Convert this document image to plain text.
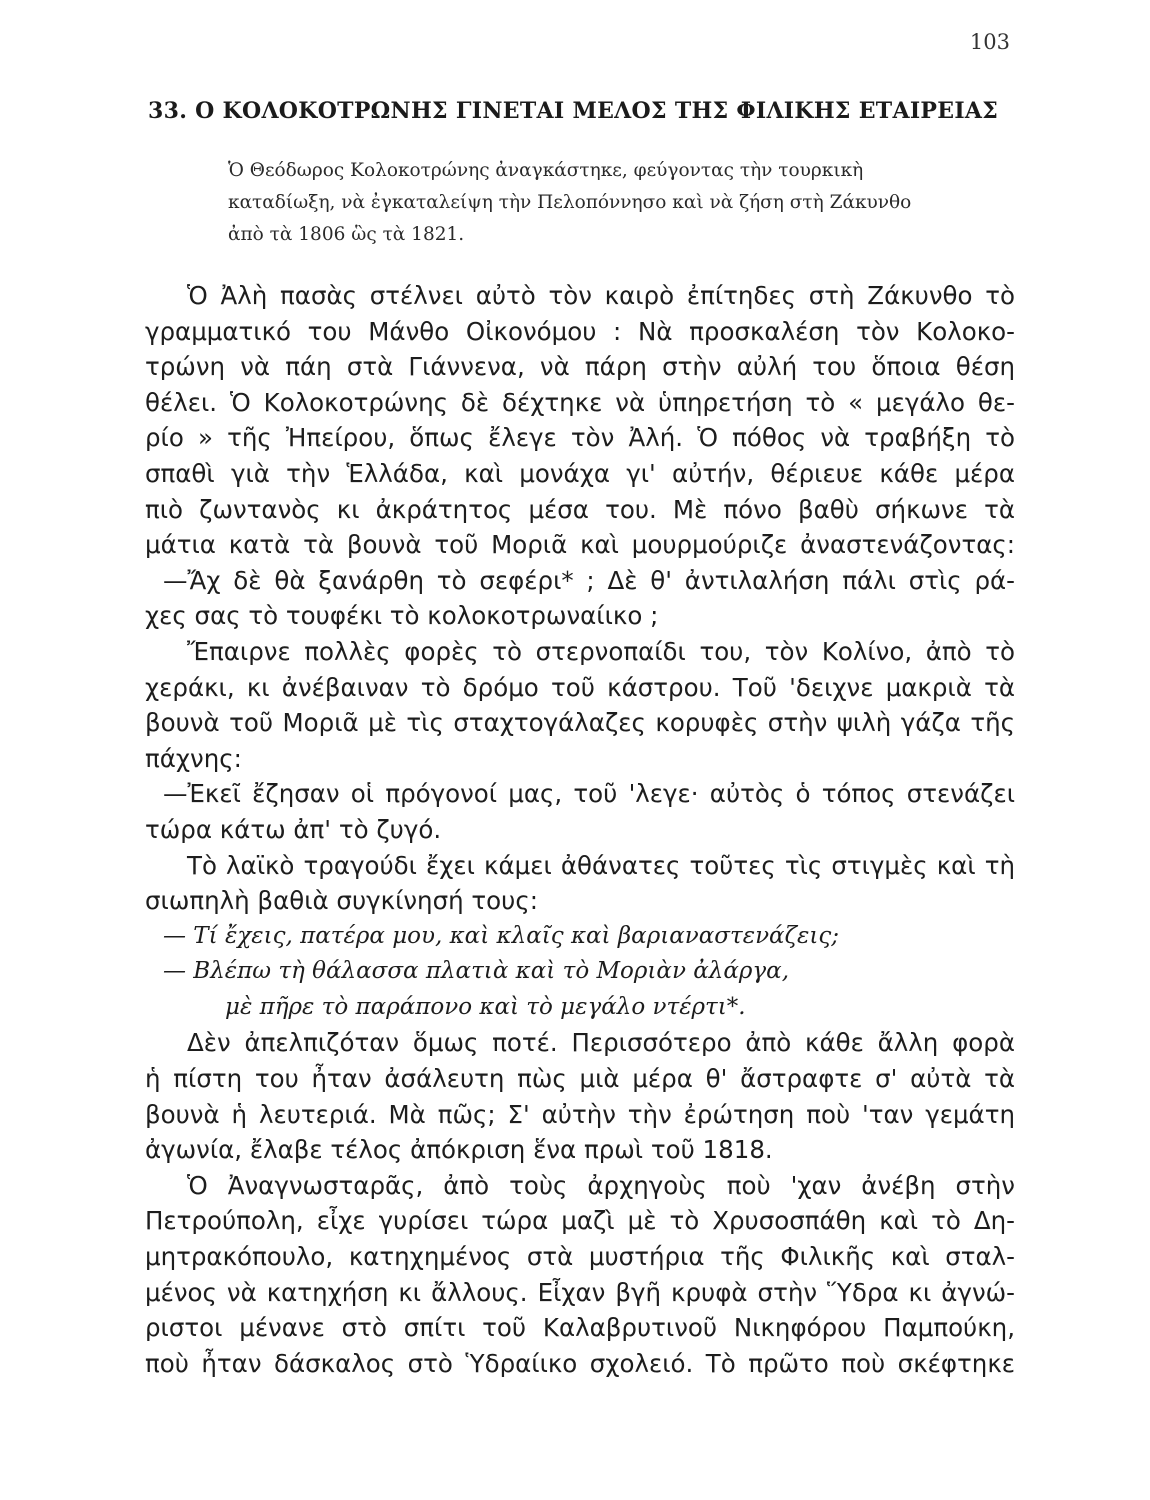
103
33. Ο ΚΟΛΟΚΟΤΡΩΝΗΣ ΓΙΝΕΤΑΙ ΜΕΛΟΣ ΤΗΣ ΦΙΛΙΚΗΣ ΕΤΑΙΡΕΙΑΣ
Ὁ Θεόδωρος Κολοκοτρώνης ἀναγκάστηκε, φεύγοντας τὴν τουρκικὴ
καταδίωξη, νὰ ἐγκαταλείψη τὴν Πελοπόννησο καὶ νὰ ζήση στὴ Ζάκυνθο
ἀπὸ τὰ 1806 ὣς τὰ 1821.
Ὁ Ἀλὴ πασὰς στέλνει αὐτὸ τὸν καιρὸ ἐπίτηδες στὴ Ζάκυνθο τὸ
γραμματικό του Μάνθο Οἰκονόμου : Νὰ προσκαλέση τὸν Κολοκο-
τρώνη νὰ πάη στὰ Γιάννενα, νὰ πάρη στὴν αὐλή του ὅποια θέση
θέλει. Ὁ Κολοκοτρώνης δὲ δέχτηκε νὰ ὑπηρετήση τὸ « μεγάλο θε-
ρίο » τῆς Ἠπείρου, ὅπως ἔλεγε τὸν Ἀλή. Ὁ πόθος νὰ τραβήξη τὸ
σπαθὶ γιὰ τὴν Ἑλλάδα, καὶ μονάχα γι' αὐτήν, θέριευε κάθε μέρα
πιὸ ζωντανὸς κι ἀκράτητος μέσα του. Μὲ πόνο βαθὺ σήκωνε τὰ
μάτια κατὰ τὰ βουνὰ τοῦ Μοριᾶ καὶ μουρμούριζε ἀναστενάζοντας:
—Ἄχ δὲ θὰ ξανάρθη τὸ σεφέρι* ; Δὲ θ' ἀντιλαλήση πάλι στὶς ρά-
χες σας τὸ τουφέκι τὸ κολοκοτρωναίικο ;
Ἔπαιρνε πολλὲς φορὲς τὸ στερνοπαίδι του, τὸν Κολίνο, ἀπὸ τὸ
χεράκι, κι ἀνέβαιναν τὸ δρόμο τοῦ κάστρου. Τοῦ 'δειχνε μακριὰ τὰ
βουνὰ τοῦ Μοριᾶ μὲ τὶς σταχτογάλαζες κορυφὲς στὴν ψιλὴ γάζα τῆς
πάχνης:
—Ἐκεῖ ἔζησαν οἱ πρόγονοί μας, τοῦ 'λεγε· αὐτὸς ὁ τόπος στενάζει
τώρα κάτω ἀπ' τὸ ζυγό.
Τὸ λαϊκὸ τραγούδι ἔχει κάμει ἀθάνατες τοῦτες τὶς στιγμὲς καὶ τὴ
σιωπηλὴ βαθιὰ συγκίνησή τους:
— Τί ἔχεις, πατέρα μου, καὶ κλαῖς καὶ βαριαναστενάζεις;
— Βλέπω τὴ θάλασσα πλατιὰ καὶ τὸ Μοριὰν ἀλάργα,
μὲ πῆρε τὸ παράπονο καὶ τὸ μεγάλο ντέρτι*.
Δὲν ἀπελπιζόταν ὅμως ποτέ. Περισσότερο ἀπὸ κάθε ἄλλη φορὰ
ἡ πίστη του ἦταν ἀσάλευτη πὼς μιὰ μέρα θ' ἄστραφτε σ' αὐτὰ τὰ
βουνὰ ἡ λευτεριά. Μὰ πῶς; Σ' αὐτὴν τὴν ἐρώτηση ποὺ 'ταν γεμάτη
ἀγωνία, ἔλαβε τέλος ἀπόκριση ἕνα πρωὶ τοῦ 1818.
Ὁ Ἀναγνωσταρᾶς, ἀπὸ τοὺς ἀρχηγοὺς ποὺ 'χαν ἀνέβη στὴν
Πετρούπολη, εἶχε γυρίσει τώρα μαζὶ μὲ τὸ Χρυσοσπάθη καὶ τὸ Δη-
μητρακόπουλο, κατηχημένος στὰ μυστήρια τῆς Φιλικῆς καὶ σταλ-
μένος νὰ κατηχήση κι ἄλλους. Εἶχαν βγῆ κρυφὰ στὴν Ὕδρα κι ἀγνώ-
ριστοι μένανε στὸ σπίτι τοῦ Καλαβρυτινοῦ Νικηφόρου Παμπούκη,
ποὺ ἦταν δάσκαλος στὸ Ὑδραίικο σχολειό. Τὸ πρῶτο ποὺ σκέφτηκε
